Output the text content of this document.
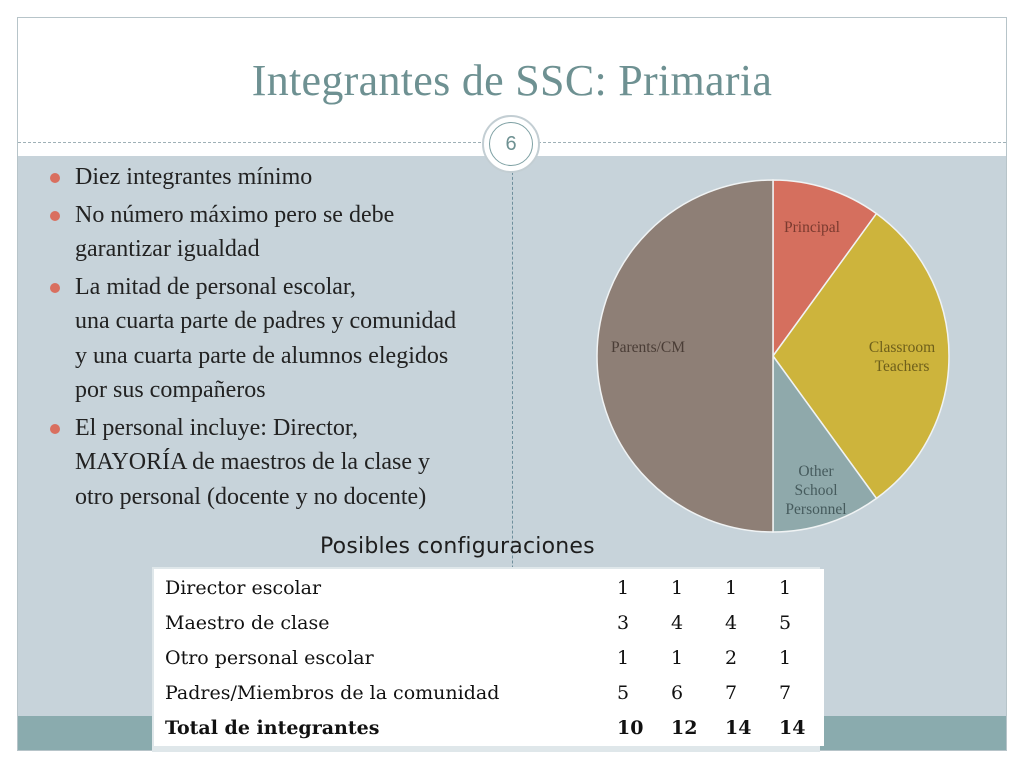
Integrantes de SSC: Primaria
6
Diez integrantes mínimo
No número máximo pero se debe
garantizar igualdad
La mitad de personal escolar,
una cuarta parte de padres y comunidad
y una cuarta parte de alumnos elegidos
por sus compañeros
El personal incluye: Director,
MAYORÍA de maestros de la clase y
otro personal (docente y no docente)
Principal
Classroom Teachers
Other School Personnel
Parents/CM
Posibles configuraciones
Director escolar	1	1	1	1
Maestro de clase	3	4	4	5
Otro personal escolar	1	1	2	1
Padres/Miembros de la comunidad	5	6	7	7
Total de integrantes	10	12	14	14
